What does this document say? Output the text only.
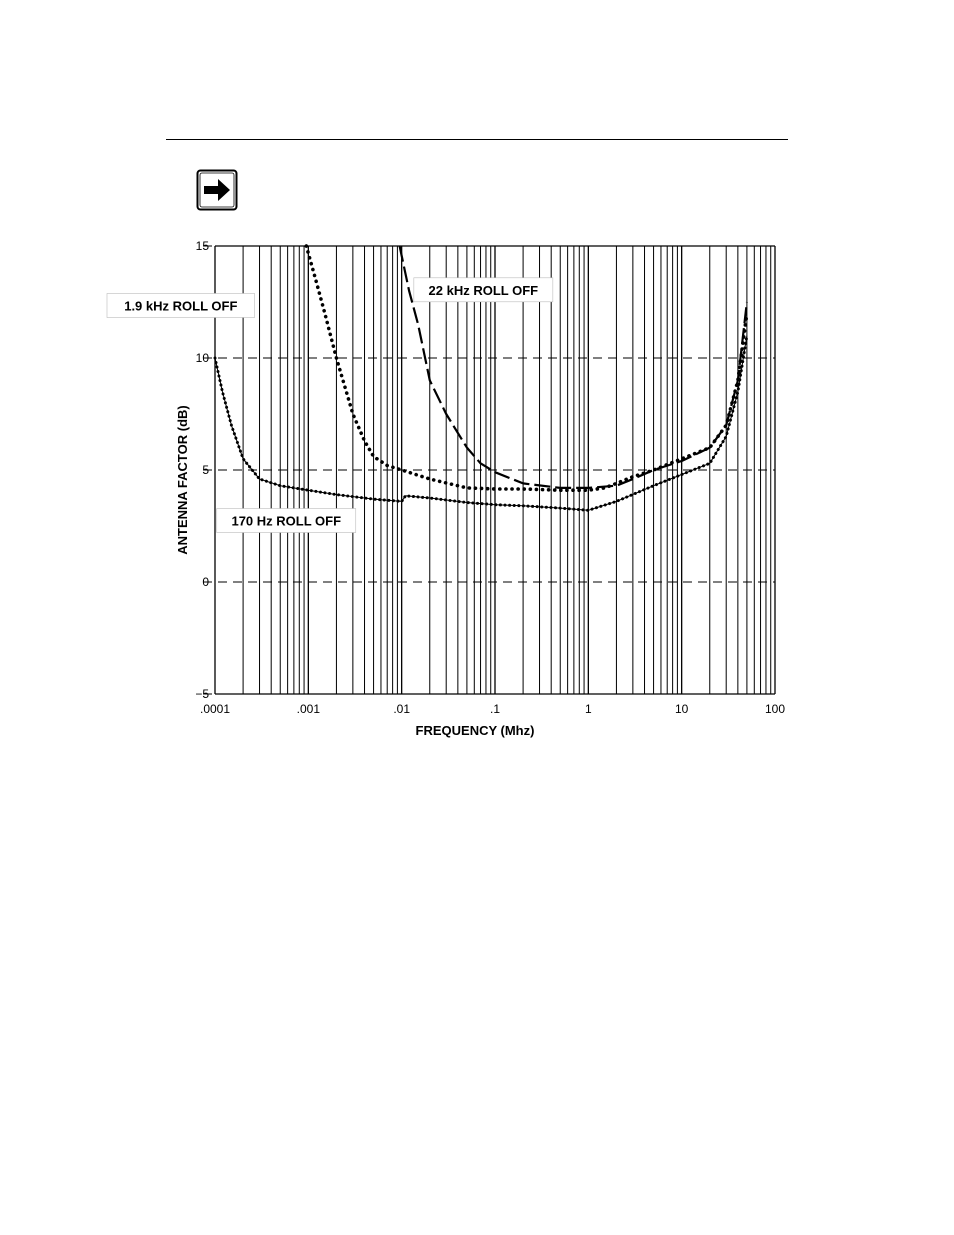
15
10
5
0
−5
.0001	.001	.01	.1	1	10	100
FREQUENCY (Mhz)
ANTENNA FACTOR (dB)
22 kHz ROLL OFF
1.9 kHz ROLL OFF
170 Hz ROLL OFF
